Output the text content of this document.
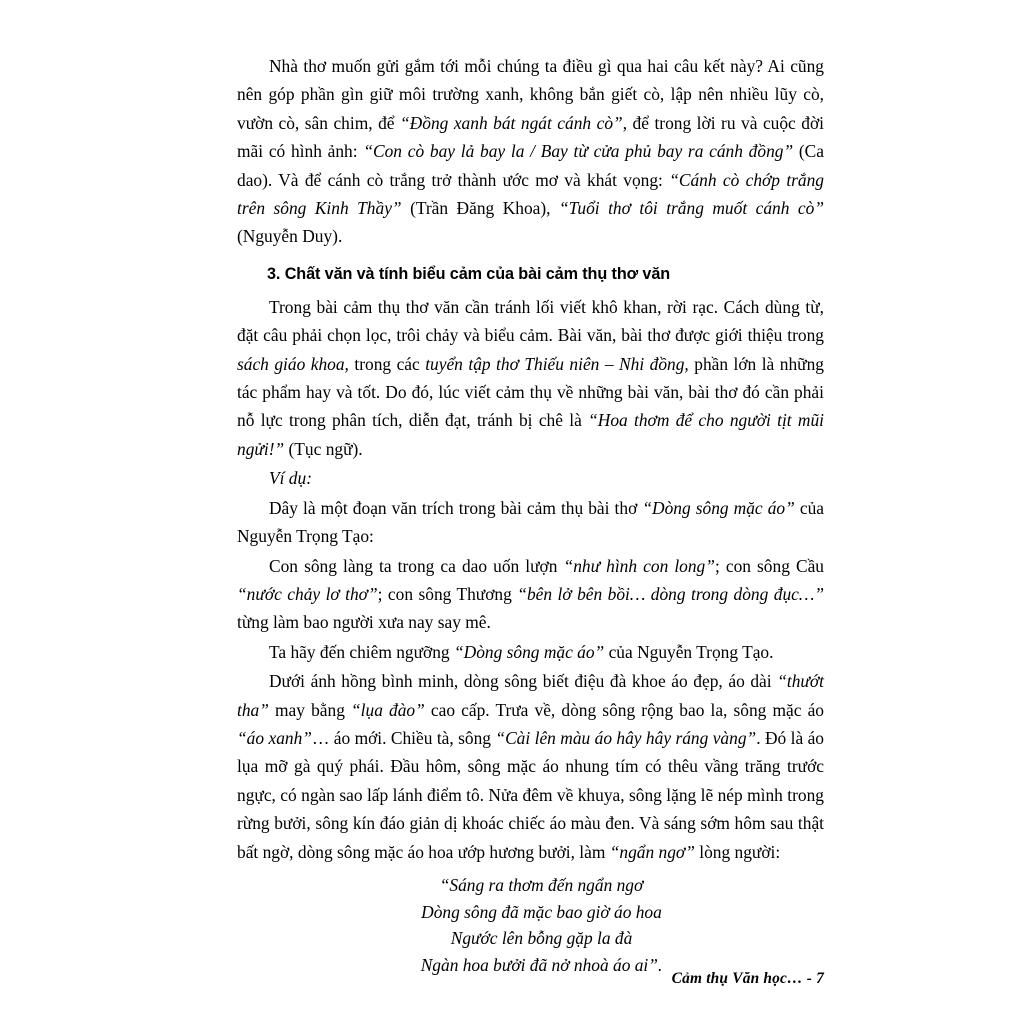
Nhà thơ muốn gửi gắm tới mỗi chúng ta điều gì qua hai câu kết này? Ai cũng nên góp phần gìn giữ môi trường xanh, không bắn giết cò, lập nên nhiều lũy cò, vườn cò, sân chim, để “Đồng xanh bát ngát cánh cò”, để trong lời ru và cuộc đời mãi có hình ảnh: “Con cò bay lả bay la / Bay từ cửa phủ bay ra cánh đồng” (Ca dao). Và để cánh cò trắng trở thành ước mơ và khát vọng: “Cánh cò chớp trắng trên sông Kinh Thầy” (Trần Đăng Khoa), “Tuổi thơ tôi trắng muốt cánh cò” (Nguyễn Duy).

3. Chất văn và tính biểu cảm của bài cảm thụ thơ văn

Trong bài cảm thụ thơ văn cần tránh lối viết khô khan, rời rạc. Cách dùng từ, đặt câu phải chọn lọc, trôi chảy và biểu cảm. Bài văn, bài thơ được giới thiệu trong sách giáo khoa, trong các tuyển tập thơ Thiếu niên – Nhi đồng, phần lớn là những tác phẩm hay và tốt. Do đó, lúc viết cảm thụ về những bài văn, bài thơ đó cần phải nỗ lực trong phân tích, diễn đạt, tránh bị chê là “Hoa thơm để cho người tịt mũi ngửi!” (Tục ngữ).

Ví dụ:

Dây là một đoạn văn trích trong bài cảm thụ bài thơ “Dòng sông mặc áo” của Nguyễn Trọng Tạo:

Con sông làng ta trong ca dao uốn lượn “như hình con long”; con sông Cầu “nước chảy lơ thơ”; con sông Thương “bên lở bên bồi… dòng trong dòng đục…” từng làm bao người xưa nay say mê.

Ta hãy đến chiêm ngưỡng “Dòng sông mặc áo” của Nguyễn Trọng Tạo.

Dưới ánh hồng bình minh, dòng sông biết điệu đà khoe áo đẹp, áo dài “thướt tha” may bằng “lụa đào” cao cấp. Trưa về, dòng sông rộng bao la, sông mặc áo “áo xanh”… áo mới. Chiều tà, sông “Cài lên màu áo hây hây ráng vàng”. Đó là áo lụa mỡ gà quý phái. Đầu hôm, sông mặc áo nhung tím có thêu vầng trăng trước ngực, có ngàn sao lấp lánh điểm tô. Nửa đêm về khuya, sông lặng lẽ nép mình trong rừng bưởi, sông kín đáo giản dị khoác chiếc áo màu đen. Và sáng sớm hôm sau thật bất ngờ, dòng sông mặc áo hoa ướp hương bưởi, làm “ngẩn ngơ” lòng người:

“Sáng ra thơm đến ngẩn ngơ
Dòng sông đã mặc bao giờ áo hoa
Ngước lên bỗng gặp la đà
Ngàn hoa bưởi đã nở nhoà áo ai”.
Cảm thụ Văn học… - 7
